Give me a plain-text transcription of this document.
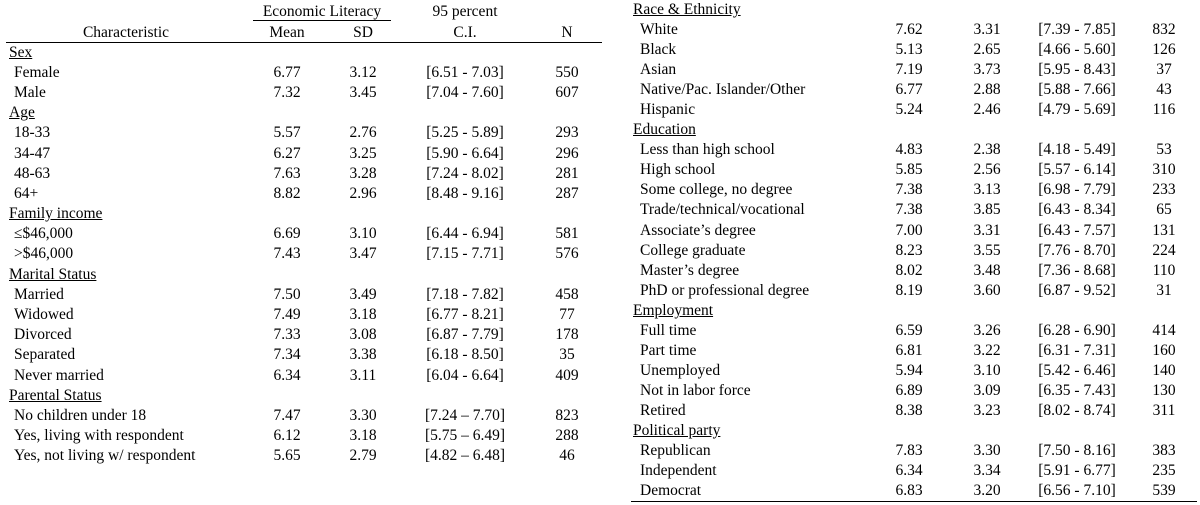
	Economic Literacy		95 percent	
Characteristic	Mean	SD	C.I.	N
Sex				
Female	6.77	3.12	[6.51 - 7.03]	550
Male	7.32	3.45	[7.04 - 7.60]	607
Age				
18-33	5.57	2.76	[5.25 - 5.89]	293
34-47	6.27	3.25	[5.90 - 6.64]	296
48-63	7.63	3.28	[7.24 - 8.02]	281
64+	8.82	2.96	[8.48 - 9.16]	287
Family income				
≤$46,000	6.69	3.10	[6.44 - 6.94]	581
>$46,000	7.43	3.47	[7.15 - 7.71]	576
Marital Status				
Married	7.50	3.49	[7.18 - 7.82]	458
Widowed	7.49	3.18	[6.77 - 8.21]	77
Divorced	7.33	3.08	[6.87 - 7.79]	178
Separated	7.34	3.38	[6.18 - 8.50]	35
Never married	6.34	3.11	[6.04 - 6.64]	409
Parental Status				
No children under 18	7.47	3.30	[7.24 – 7.70]	823
Yes, living with respondent	6.12	3.18	[5.75 – 6.49]	288
Yes, not living w/ respondent	5.65	2.79	[4.82 – 6.48]	46
Race & Ethnicity				
White	7.62	3.31	[7.39 - 7.85]	832
Black	5.13	2.65	[4.66 - 5.60]	126
Asian	7.19	3.73	[5.95 - 8.43]	37
Native/Pac. Islander/Other	6.77	2.88	[5.88 - 7.66]	43
Hispanic	5.24	2.46	[4.79 - 5.69]	116
Education				
Less than high school	4.83	2.38	[4.18 - 5.49]	53
High school	5.85	2.56	[5.57 - 6.14]	310
Some college, no degree	7.38	3.13	[6.98 - 7.79]	233
Trade/technical/vocational	7.38	3.85	[6.43 - 8.34]	65
Associate’s degree	7.00	3.31	[6.43 - 7.57]	131
College graduate	8.23	3.55	[7.76 - 8.70]	224
Master’s degree	8.02	3.48	[7.36 - 8.68]	110
PhD or professional degree	8.19	3.60	[6.87 - 9.52]	31
Employment				
Full time	6.59	3.26	[6.28 - 6.90]	414
Part time	6.81	3.22	[6.31 - 7.31]	160
Unemployed	5.94	3.10	[5.42 - 6.46]	140
Not in labor force	6.89	3.09	[6.35 - 7.43]	130
Retired	8.38	3.23	[8.02 - 8.74]	311
Political party				
Republican	7.83	3.30	[7.50 - 8.16]	383
Independent	6.34	3.34	[5.91 - 6.77]	235
Democrat	6.83	3.20	[6.56 - 7.10]	539
